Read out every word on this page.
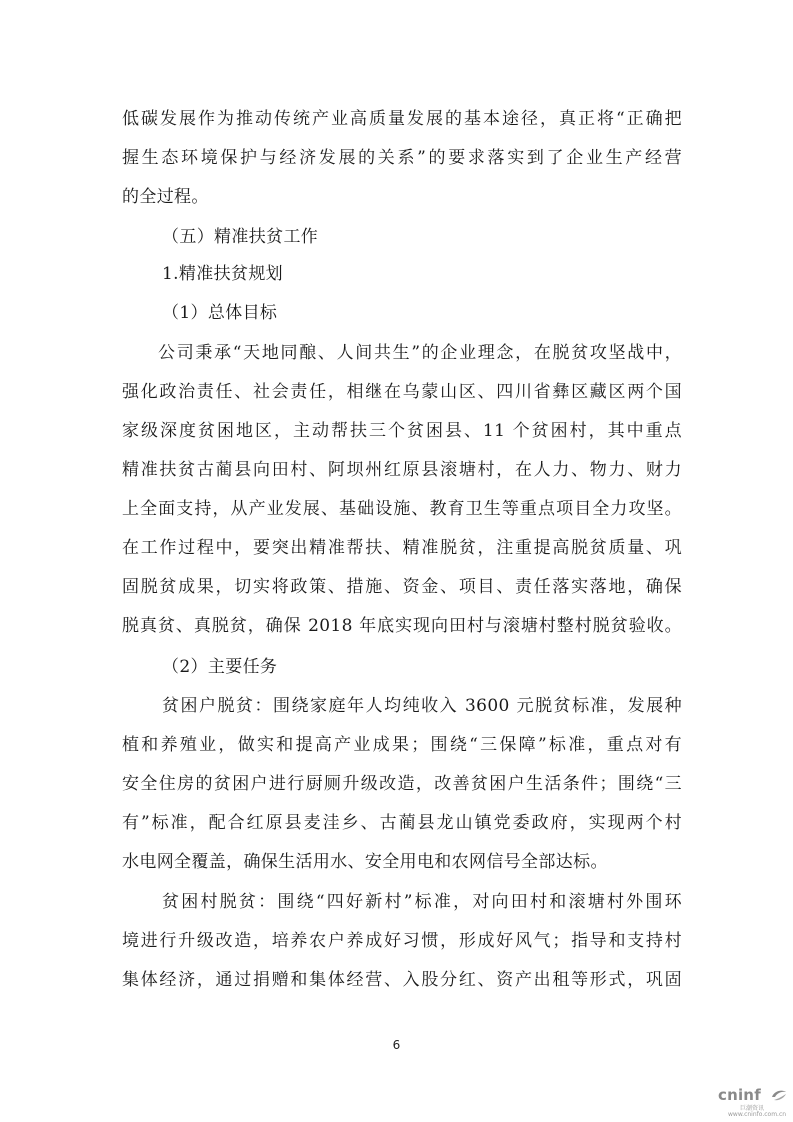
低碳发展作为推动传统产业高质量发展的基本途径，真正将“正确把
握生态环境保护与经济发展的关系”的要求落实到了企业生产经营
的全过程。
（五）精准扶贫工作
1.精准扶贫规划
（1）总体目标
公司秉承“天地同酿、人间共生”的企业理念，在脱贫攻坚战中，
强化政治责任、社会责任，相继在乌蒙山区、四川省彝区藏区两个国
家级深度贫困地区，主动帮扶三个贫困县、11 个贫困村，其中重点
精准扶贫古蔺县向田村、阿坝州红原县滚塘村，在人力、物力、财力
上全面支持，从产业发展、基础设施、教育卫生等重点项目全力攻坚。
在工作过程中，要突出精准帮扶、精准脱贫，注重提高脱贫质量、巩
固脱贫成果，切实将政策、措施、资金、项目、责任落实落地，确保
脱真贫、真脱贫，确保 2018 年底实现向田村与滚塘村整村脱贫验收。
（2）主要任务
贫困户脱贫：围绕家庭年人均纯收入 3600 元脱贫标准，发展种
植和养殖业，做实和提高产业成果；围绕“三保障”标准，重点对有
安全住房的贫困户进行厨厕升级改造，改善贫困户生活条件；围绕“三
有”标准，配合红原县麦洼乡、古蔺县龙山镇党委政府，实现两个村
水电网全覆盖，确保生活用水、安全用电和农网信号全部达标。
贫困村脱贫：围绕“四好新村”标准，对向田村和滚塘村外围环
境进行升级改造，培养农户养成好习惯，形成好风气；指导和支持村
集体经济，通过捐赠和集体经营、入股分红、资产出租等形式，巩固
6
cninf
巨潮资讯
www.cninfo.com.cn
